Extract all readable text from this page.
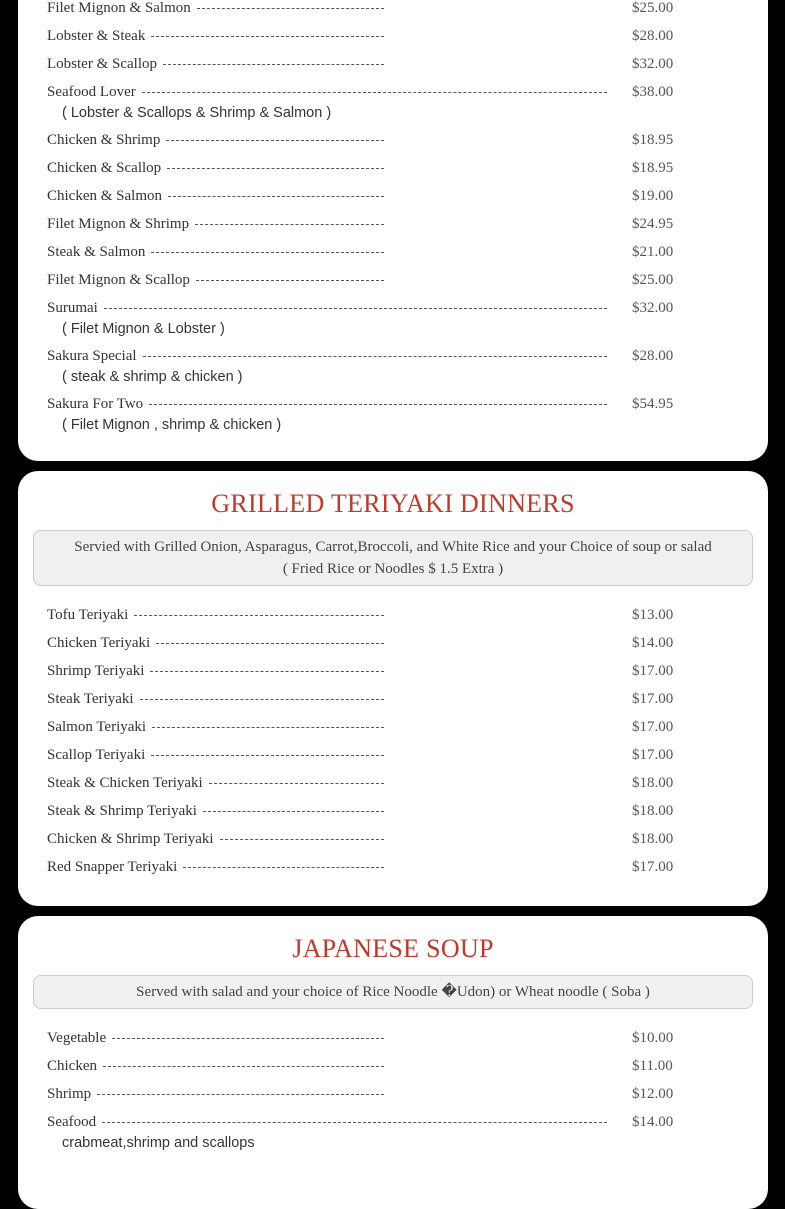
Filet Mignon & Salmon	$25.00
Lobster & Steak	$28.00
Lobster & Scallop	$32.00
Seafood Lover	$38.00
( Lobster & Scallops & Shrimp & Salmon )
Chicken & Shrimp	$18.95
Chicken & Scallop	$18.95
Chicken & Salmon	$19.00
Filet Mignon & Shrimp	$24.95
Steak & Salmon	$21.00
Filet Mignon & Scallop	$25.00
Surumai	$32.00
( Filet Mignon & Lobster )
Sakura Special	$28.00
( steak & shrimp & chicken )
Sakura For Two	$54.95
( Filet Mignon , shrimp & chicken )
GRILLED TERIYAKI DINNERS
Servied with Grilled Onion, Asparagus, Carrot,Broccoli, and White Rice and your Choice of soup or salad
( Fried Rice or Noodles $ 1.5 Extra )
Tofu Teriyaki	$13.00
Chicken Teriyaki	$14.00
Shrimp Teriyaki	$17.00
Steak Teriyaki	$17.00
Salmon Teriyaki	$17.00
Scallop Teriyaki	$17.00
Steak & Chicken Teriyaki	$18.00
Steak & Shrimp Teriyaki	$18.00
Chicken & Shrimp Teriyaki	$18.00
Red Snapper Teriyaki	$17.00
JAPANESE SOUP
Served with salad and your choice of Rice Noodle �Udon) or Wheat noodle ( Soba )
Vegetable	$10.00
Chicken	$11.00
Shrimp	$12.00
Seafood	$14.00
crabmeat,shrimp and scallops
